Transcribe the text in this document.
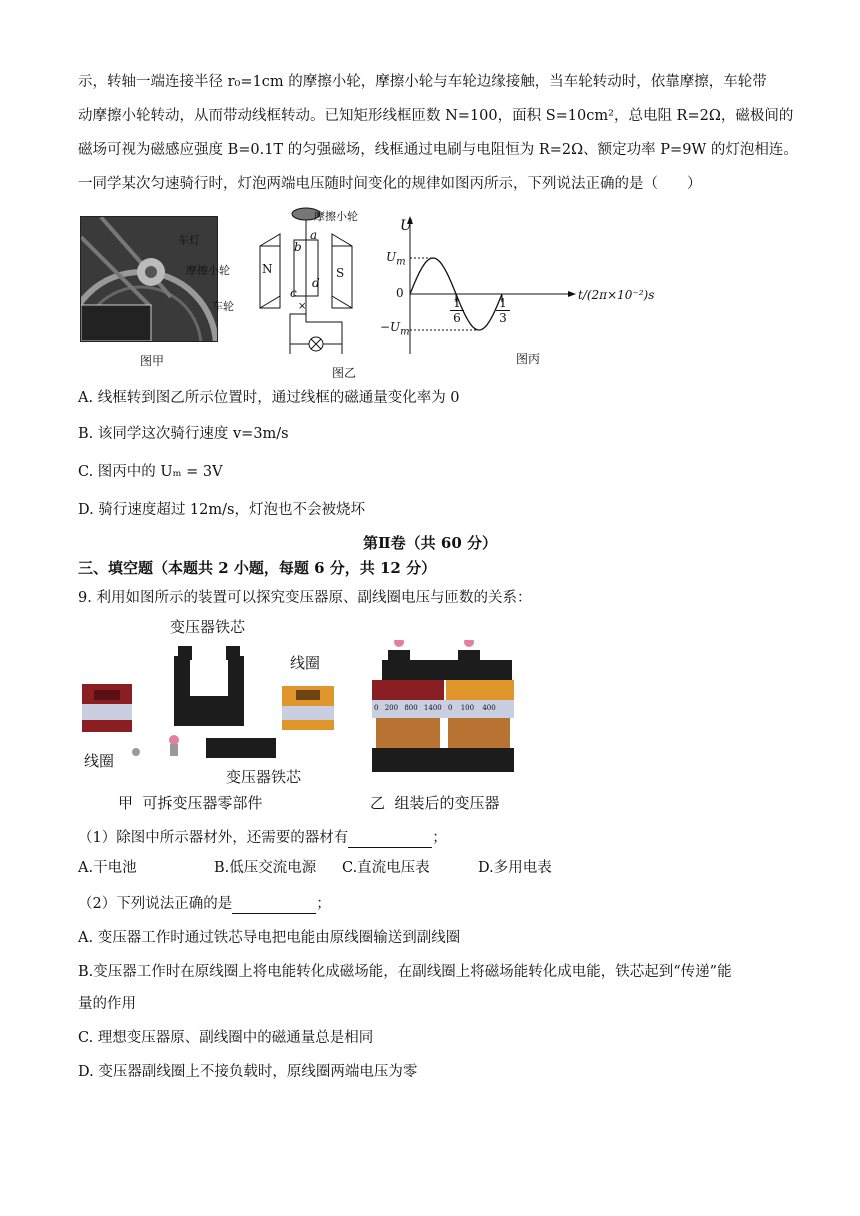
示，转轴一端连接半径 r₀=1cm 的摩擦小轮，摩擦小轮与车轮边缘接触，当车轮转动时，依靠摩擦，车轮带
动摩擦小轮转动，从而带动线框转动。已知矩形线框匝数 N=100，面积 S=10cm²，总电阻 R=2Ω，磁极间的
磁场可视为磁感应强度 B=0.1T 的匀强磁场，线框通过电刷与电阻恒为 R=2Ω、额定功率 P=9W 的灯泡相连。
一同学某次匀速骑行时，灯泡两端电压随时间变化的规律如图丙所示，下列说法正确的是（　　）
车灯
摩擦小轮
车轮
图甲
×
摩擦小轮
N	S
a
b
c
d
图乙
U
$U_m$
0
$-U_m$
1
6
1
3
t/(2π×10⁻²)s
图丙
A. 线框转到图乙所示位置时，通过线框的磁通量变化率为 0
B. 该同学这次骑行速度 v=3m/s
C. 图丙中的 Uₘ = 3V
D. 骑行速度超过 12m/s，灯泡也不会被烧坏
第Ⅱ卷（共 60 分）
三、填空题（本题共 2 小题，每题 6 分，共 12 分）
9. 利用如图所示的装置可以探究变压器原、副线圈电压与匝数的关系：
变压器铁芯
线圈
线圈
变压器铁芯
甲  可拆变压器零部件	乙  组装后的变压器
0 200 800 1400 0 100 400
（1）除图中所示器材外，还需要的器材有	；
A.干电池	B.低压交流电源 C.直流电压表	D.多用电表
（2）下列说法正确的是	；
A. 变压器工作时通过铁芯导电把电能由原线圈输送到副线圈
B.变压器工作时在原线圈上将电能转化成磁场能，在副线圈上将磁场能转化成电能，铁芯起到“传递”能
量的作用
C. 理想变压器原、副线圈中的磁通量总是相同
D. 变压器副线圈上不接负载时，原线圈两端电压为零
